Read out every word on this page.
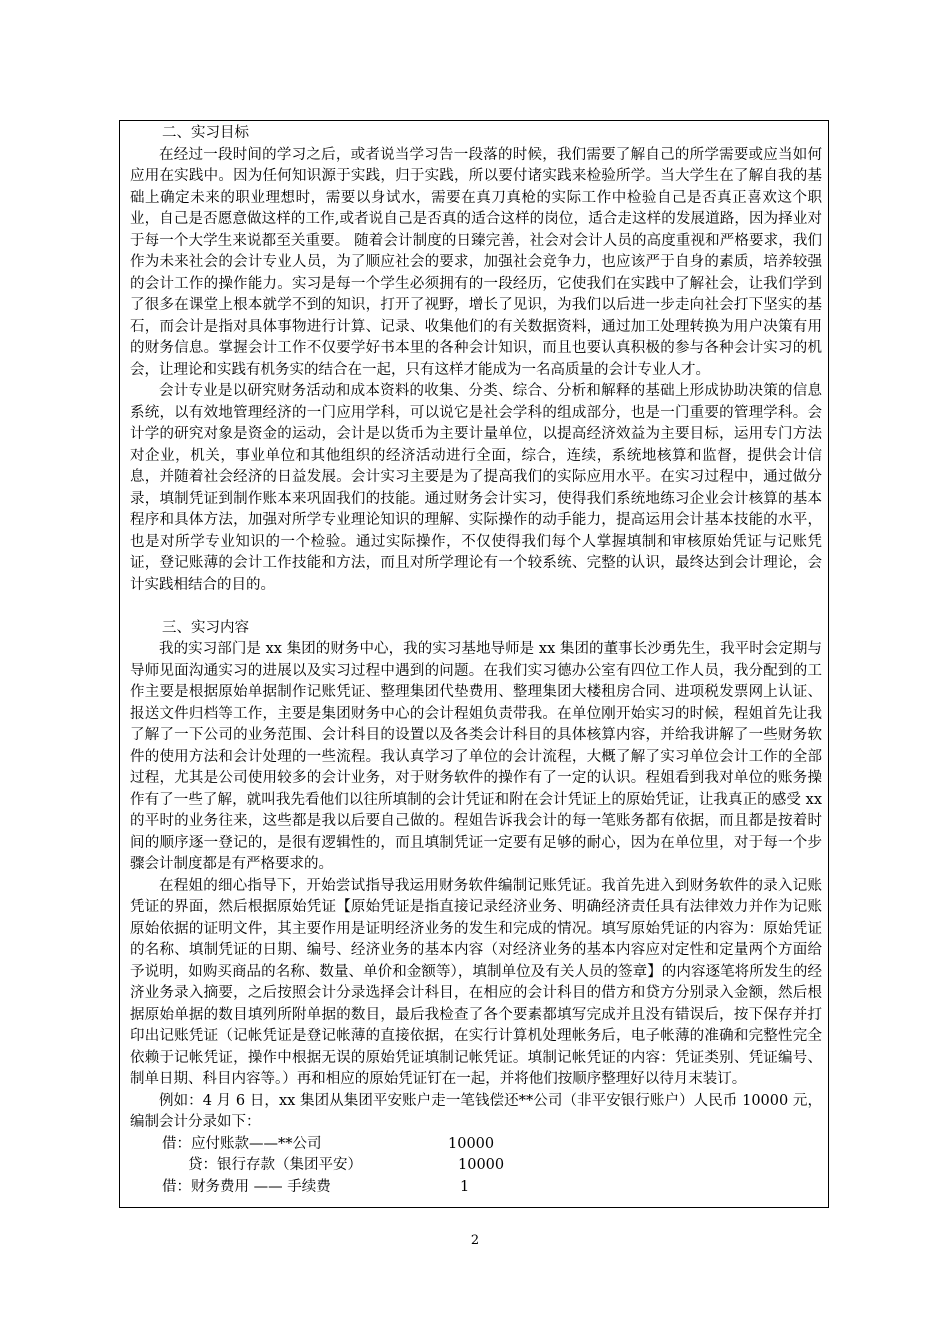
二、实习目标

在经过一段时间的学习之后，或者说当学习告一段落的时候，我们需要了解自己的所学需要或应当如何应用在实践中。因为任何知识源于实践，归于实践，所以要付诸实践来检验所学。当大学生在了解自我的基础上确定未来的职业理想时，需要以身试水，需要在真刀真枪的实际工作中检验自己是否真正喜欢这个职业，自己是否愿意做这样的工作,或者说自己是否真的适合这样的岗位，适合走这样的发展道路，因为择业对于每一个大学生来说都至关重要。 随着会计制度的日臻完善，社会对会计人员的高度重视和严格要求，我们作为未来社会的会计专业人员，为了顺应社会的要求，加强社会竞争力，也应该严于自身的素质，培养较强的会计工作的操作能力。实习是每一个学生必须拥有的一段经历，它使我们在实践中了解社会，让我们学到了很多在课堂上根本就学不到的知识，打开了视野，增长了见识，为我们以后进一步走向社会打下坚实的基石，而会计是指对具体事物进行计算、记录、收集他们的有关数据资料，通过加工处理转换为用户决策有用的财务信息。掌握会计工作不仅要学好书本里的各种会计知识，而且也要认真积极的参与各种会计实习的机会，让理论和实践有机务实的结合在一起，只有这样才能成为一名高质量的会计专业人才。

会计专业是以研究财务活动和成本资料的收集、分类、综合、分析和解释的基础上形成协助决策的信息系统，以有效地管理经济的一门应用学科，可以说它是社会学科的组成部分，也是一门重要的管理学科。会计学的研究对象是资金的运动，会计是以货币为主要计量单位，以提高经济效益为主要目标，运用专门方法对企业，机关，事业单位和其他组织的经济活动进行全面，综合，连续，系统地核算和监督，提供会计信息，并随着社会经济的日益发展。会计实习主要是为了提高我们的实际应用水平。在实习过程中，通过做分录，填制凭证到制作账本来巩固我们的技能。通过财务会计实习，使得我们系统地练习企业会计核算的基本程序和具体方法，加强对所学专业理论知识的理解、实际操作的动手能力，提高运用会计基本技能的水平，也是对所学专业知识的一个检验。通过实际操作，不仅使得我们每个人掌握填制和审核原始凭证与记账凭证，登记账薄的会计工作技能和方法，而且对所学理论有一个较系统、完整的认识，最终达到会计理论，会计实践相结合的目的。

三、实习内容

我的实习部门是 xx 集团的财务中心，我的实习基地导师是 xx 集团的董事长沙勇先生，我平时会定期与导师见面沟通实习的进展以及实习过程中遇到的问题。在我们实习德办公室有四位工作人员，我分配到的工作主要是根据原始单据制作记账凭证、整理集团代垫费用、整理集团大楼租房合同、进项税发票网上认证、报送文件归档等工作，主要是集团财务中心的会计程姐负责带我。在单位刚开始实习的时候，程姐首先让我了解了一下公司的业务范围、会计科目的设置以及各类会计科目的具体核算内容，并给我讲解了一些财务软件的使用方法和会计处理的一些流程。我认真学习了单位的会计流程，大概了解了实习单位会计工作的全部过程，尤其是公司使用较多的会计业务，对于财务软件的操作有了一定的认识。程姐看到我对单位的账务操作有了一些了解，就叫我先看他们以往所填制的会计凭证和附在会计凭证上的原始凭证，让我真正的感受 xx 的平时的业务往来，这些都是我以后要自己做的。程姐告诉我会计的每一笔账务都有依据，而且都是按着时间的顺序逐一登记的，是很有逻辑性的，而且填制凭证一定要有足够的耐心，因为在单位里，对于每一个步骤会计制度都是有严格要求的。

在程姐的细心指导下，开始尝试指导我运用财务软件编制记账凭证。我首先进入到财务软件的录入记账凭证的界面，然后根据原始凭证【原始凭证是指直接记录经济业务、明确经济责任具有法律效力并作为记账原始依据的证明文件，其主要作用是证明经济业务的发生和完成的情况。填写原始凭证的内容为：原始凭证的名称、填制凭证的日期、编号、经济业务的基本内容（对经济业务的基本内容应对定性和定量两个方面给予说明，如购买商品的名称、数量、单价和金额等），填制单位及有关人员的签章】的内容逐笔将所发生的经济业务录入摘要，之后按照会计分录选择会计科目，在相应的会计科目的借方和贷方分别录入金额，然后根据原始单据的数目填列所附单据的数目，最后我检查了各个要素都填写完成并且没有错误后，按下保存并打印出记账凭证（记帐凭证是登记帐薄的直接依据，在实行计算机处理帐务后，电子帐薄的准确和完整性完全依赖于记帐凭证，操作中根据无误的原始凭证填制记帐凭证。填制记帐凭证的内容：凭证类别、凭证编号、制单日期、科目内容等。）再和相应的原始凭证钉在一起，并将他们按顺序整理好以待月末装订。

例如：4 月 6 日，xx 集团从集团平安账户走一笔钱偿还**公司（非平安银行账户）人民币 10000 元，编制会计分录如下：

借：应付账款——**公司	10000
贷：银行存款（集团平安）	10000
借：财务费用 —— 手续费	1
2
